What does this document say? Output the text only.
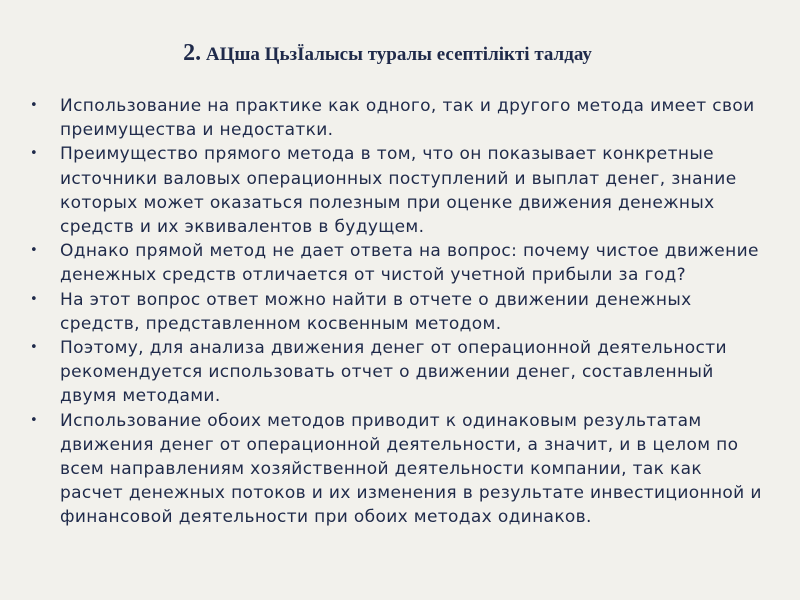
2. АЦша ЦьзЇалысы туралы есептілікті талдау
• Использование на практике как одного, так и другого метода имеет свои преимущества и недостатки.
• Преимущество прямого метода в том, что он показывает конкретные источники валовых операционных поступлений и выплат денег, знание которых может оказаться полезным при оценке движения денежных средств и их эквивалентов в будущем.
• Однако прямой метод не дает ответа на вопрос: почему чистое движение денежных средств отличается от чистой учетной прибыли за год?
• На этот вопрос ответ можно найти в отчете о движении денежных средств, представленном косвенным методом.
• Поэтому, для анализа движения денег от операционной деятельности рекомендуется использовать отчет о движении денег, составленный двумя методами.
• Использование обоих методов приводит к одинаковым результатам движения денег от операционной деятельности, а значит, и в целом по всем направлениям хозяйственной деятельности компании, так как расчет денежных потоков и их изменения в результате инвестиционной и финансовой деятельности при обоих методах одинаков.
